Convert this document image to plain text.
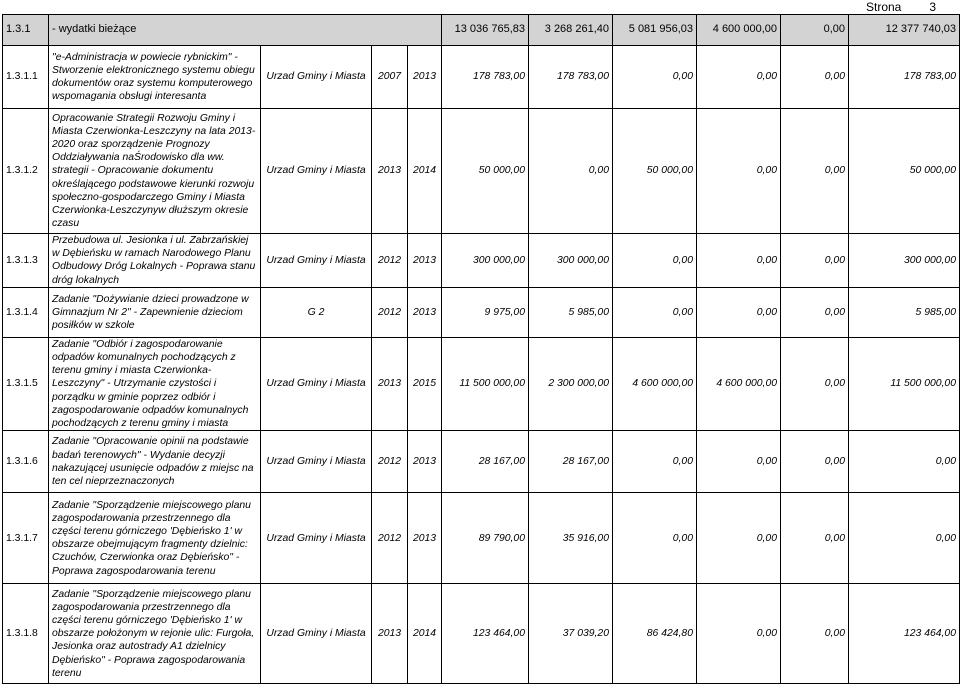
Strona 3
1.3.1	- wydatki bieżące				13 036 765,83	3 268 261,40	5 081 956,03	4 600 000,00	0,00	12 377 740,03
1.3.1.1	"e-Administracja w powiecie rybnickim" - Stworzenie elektronicznego systemu obiegu dokumentów oraz systemu komputerowego wspomagania obsługi interesanta	Urzad Gminy i Miasta	2007	2013	178 783,00	178 783,00	0,00	0,00	0,00	178 783,00
1.3.1.2	Opracowanie Strategii Rozwoju Gminy i Miasta Czerwionka-Leszczyny na lata 2013-2020 oraz sporządzenie Prognozy Oddziaływania naŚrodowisko dla ww. strategii - Opracowanie dokumentu określającego podstawowe kierunki rozwoju społeczno-gospodarczego Gminy i Miasta Czerwionka-Leszczynyw dłuższym okresie czasu	Urzad Gminy i Miasta	2013	2014	50 000,00	0,00	50 000,00	0,00	0,00	50 000,00
1.3.1.3	Przebudowa ul. Jesionka i ul. Zabrzańskiej w Dębieńsku w ramach Narodowego Planu Odbudowy Dróg Lokalnych - Poprawa stanu dróg lokalnych	Urzad Gminy i Miasta	2012	2013	300 000,00	300 000,00	0,00	0,00	0,00	300 000,00
1.3.1.4	Zadanie "Dożywianie dzieci prowadzone w Gimnazjum Nr 2" - Zapewnienie dzieciom posiłków w szkole	G 2	2012	2013	9 975,00	5 985,00	0,00	0,00	0,00	5 985,00
1.3.1.5	Zadanie "Odbiór i zagospodarowanie odpadów komunalnych pochodzących z terenu gminy i miasta Czerwionka-Leszczyny" - Utrzymanie czystości i porządku w gminie poprzez odbiór i zagospodarowanie odpadów komunalnych pochodzących z terenu gminy i miasta	Urzad Gminy i Miasta	2013	2015	11 500 000,00	2 300 000,00	4 600 000,00	4 600 000,00	0,00	11 500 000,00
1.3.1.6	Zadanie "Opracowanie opinii na podstawie badań terenowych" - Wydanie decyzji nakazującej usunięcie odpadów z miejsc na ten cel nieprzeznaczonych	Urzad Gminy i Miasta	2012	2013	28 167,00	28 167,00	0,00	0,00	0,00	0,00
1.3.1.7	Zadanie "Sporządzenie miejscowego planu zagospodarowania przestrzennego dla części terenu górniczego 'Dębieńsko 1' w obszarze obejmującym fragmenty dzielnic: Czuchów, Czerwionka oraz Dębieńsko" - Poprawa zagospodarowania terenu	Urzad Gminy i Miasta	2012	2013	89 790,00	35 916,00	0,00	0,00	0,00	0,00
1.3.1.8	Zadanie "Sporządzenie miejscowego planu zagospodarowania przestrzennego dla części terenu górniczego 'Dębieńsko 1' w obszarze położonym w rejonie ulic: Furgoła, Jesionka oraz autostrady A1 dzielnicy Dębieńsko" - Poprawa zagospodarowania terenu	Urzad Gminy i Miasta	2013	2014	123 464,00	37 039,20	86 424,80	0,00	0,00	123 464,00
